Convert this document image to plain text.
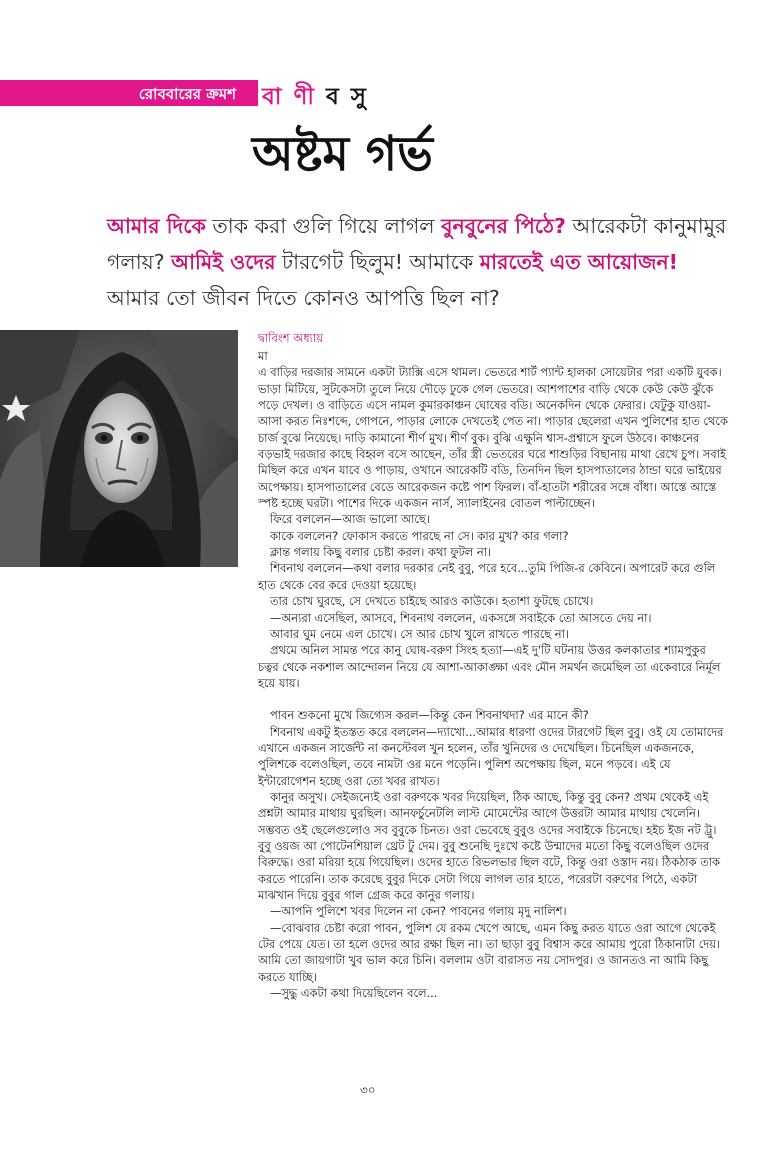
রোববারের ক্রমশ বা ণী ব সু
অষ্টম গর্ভ
আমার দিকে তাক করা গুলি গিয়ে লাগল বুনবুনের পিঠে? আরেকটা কানুমামুর গলায়? আমিই ওদের টারগেট ছিলুম! আমাকে মারতেই এত আয়োজন! আমার তো জীবন দিতে কোনও আপত্তি ছিল না?
দ্বাবিংশ অধ্যায়

মা

এ বাড়ির দরজার সামনে একটা ট্যাক্সি এসে থামল। ভেতরে শার্ট প্যান্ট হালকা সোয়েটার পরা একটি যুবক। ভাড়া মিটিয়ে, সুটকেসটা তুলে নিয়ে দৌড়ে ঢুকে গেল ভেতরে। আশপাশের বাড়ি থেকে কেউ কেউ ঝুঁকে পড়ে দেখল। ও বাড়িতে এসে নামল কুমারকাঞ্চন ঘোষের বডি। অনেকদিন থেকে ফেরার। যেটুকু যাওয়া-আসা করত নিঃশব্দে, গোপনে, পাড়ার লোকে দেখতেই পেত না। পাড়ার ছেলেরা এখন পুলিশের হাত থেকে চার্জ বুঝে নিয়েছে। দাড়ি কামানো শীর্ণ মুখ। শীর্ণ বুক। বুঝি এক্ষুনি শ্বাস-প্রশ্বাসে ফুলে উঠবে। কাঞ্চনের বড়ভাই দরজার কাছে বিহ্বল বসে আছেন, তাঁর স্ত্রী ভেতরের ঘরে শাশুড়ির বিছানায় মাথা রেখে চুপ। সবাই মিছিল করে এখন যাবে ও পাড়ায়, ওখানে আরেকটি বডি, তিনদিন ছিল হাসপাতালের ঠান্ডা ঘরে ভাইয়ের অপেক্ষায়। হাসপাতালের বেডে আরেকজন কষ্টে পাশ ফিরল। বাঁ-হাতটা শরীরের সঙ্গে বাঁধা। আস্তে আস্তে স্পষ্ট হচ্ছে ঘরটা। পাশের দিকে একজন নার্স, স্যালাইনের বোতল পাল্টাচ্ছেন।

ফিরে বললেন—আজ ভালো আছে।

কাকে বললেন? ফোকাস করতে পারছে না সে। কার মুখ? কার গলা?

ক্লান্ত গলায় কিছু বলার চেষ্টা করল। কথা ফুটল না।

শিবনাথ বললেন—কথা বলার দরকার নেই বুবু, পরে হবে...তুমি পিজি-র কেবিনে। অপারেট করে গুলি হাত থেকে বের করে দেওয়া হয়েছে।

তার চোখ ঘুরছে, সে দেখতে চাইছে আরও কাউকে। হতাশা ফুটছে চোখে।

—অন্যরা এসেছিল, আসবে, শিবনাথ বললেন, একসঙ্গে সবাইকে তো আসতে দেয় না।

আবার ঘুম নেমে এল চোখে। সে আর চোখ খুলে রাখতে পারছে না।

প্রথমে অনিল সামন্ত পরে কানু ঘোষ-বরুণ সিংহ হত্যা—এই দু'টি ঘটনায় উত্তর কলকাতার শ্যামপুকুর চত্বর থেকে নকশাল আন্দোলন নিয়ে যে আশা-আকাঙ্ক্ষা এবং মৌন সমর্থন জমেছিল তা একেবারে নির্মূল হয়ে যায়।

পাবন শুকনো মুখে জিগ্যেস করল—কিন্তু কেন শিবনাথদা? এর মানে কী?

শিবনাথ একটু ইতস্তত করে বললেন—দ্যাখো...আমার ধারণা ওদের টারগেট ছিল বুবু। ওই যে তোমাদের এখানে একজন সার্জেন্ট না কনস্টেবল খুন হলেন, তাঁর খুনিদের ও দেখেছিল। চিনেছিল একজনকে, পুলিশকে বলেওছিল, তবে নামটা ওর মনে পড়েনি। পুলিশ অপেক্ষায় ছিল, মনে পড়বে। এই যে ইন্টারোগেশন হচ্ছে ওরা তো খবর রাখত।

কানুর অসুখ। সেইজন্যেই ওরা বরুণকে খবর দিয়েছিল, ঠিক আছে, কিন্তু বুবু কেন? প্রথম থেকেই এই প্রশ্নটা আমার মাথায় ঘুরছিল। আনফর্চুনেটলি লাস্ট মোমেন্টের আগে উত্তরটা আমার মাথায় খেলেনি। সম্ভবত ওই ছেলেগুলোও সব বুবুকে চিনত। ওরা ভেবেছে বুবুও ওদের সবাইকে চিনেছে। হইচ ইজ নট ট্রু। বুবু ওয়জ আ পোটেনশিয়াল থ্রেট টু দেম। বুবু শুনেছি দুঃখে কষ্টে উন্মাদের মতো কিছু বলেওছিল ওদের বিরুদ্ধে। ওরা মরিয়া হয়ে গিয়েছিল। ওদের হাতে রিভলভার ছিল বটে, কিন্তু ওরা ওস্তাদ নয়। ঠিকঠাক তাক করতে পারেনি। তাক করেছে বুবুর দিকে সেটা গিয়ে লাগল তার হাতে, পরেরটা বরুণের পিঠে, একটা মাঝখান দিয়ে বুবুর গাল গ্রেজ করে কানুর গলায়।

—আপনি পুলিশে খবর দিলেন না কেন? পাবনের গলায় মৃদু নালিশ।

—বোঝবার চেষ্টা করো পাবন, পুলিশ যে রকম খেপে আছে, এমন কিছু করত যাতে ওরা আগে থেকেই টের পেয়ে যেত। তা হলে ওদের আর রক্ষা ছিল না। তা ছাড়া বুবু বিশ্বাস করে আমায় পুরো ঠিকানাটা দেয়। আমি তো জায়গাটা খুব ভাল করে চিনি। বললাম ওটা বারাসত নয় সোদপুর। ও জানতও না আমি কিছু করতে যাচ্ছি।

—সুদ্ধু একটা কথা দিয়েছিলেন বলে...

৩০
